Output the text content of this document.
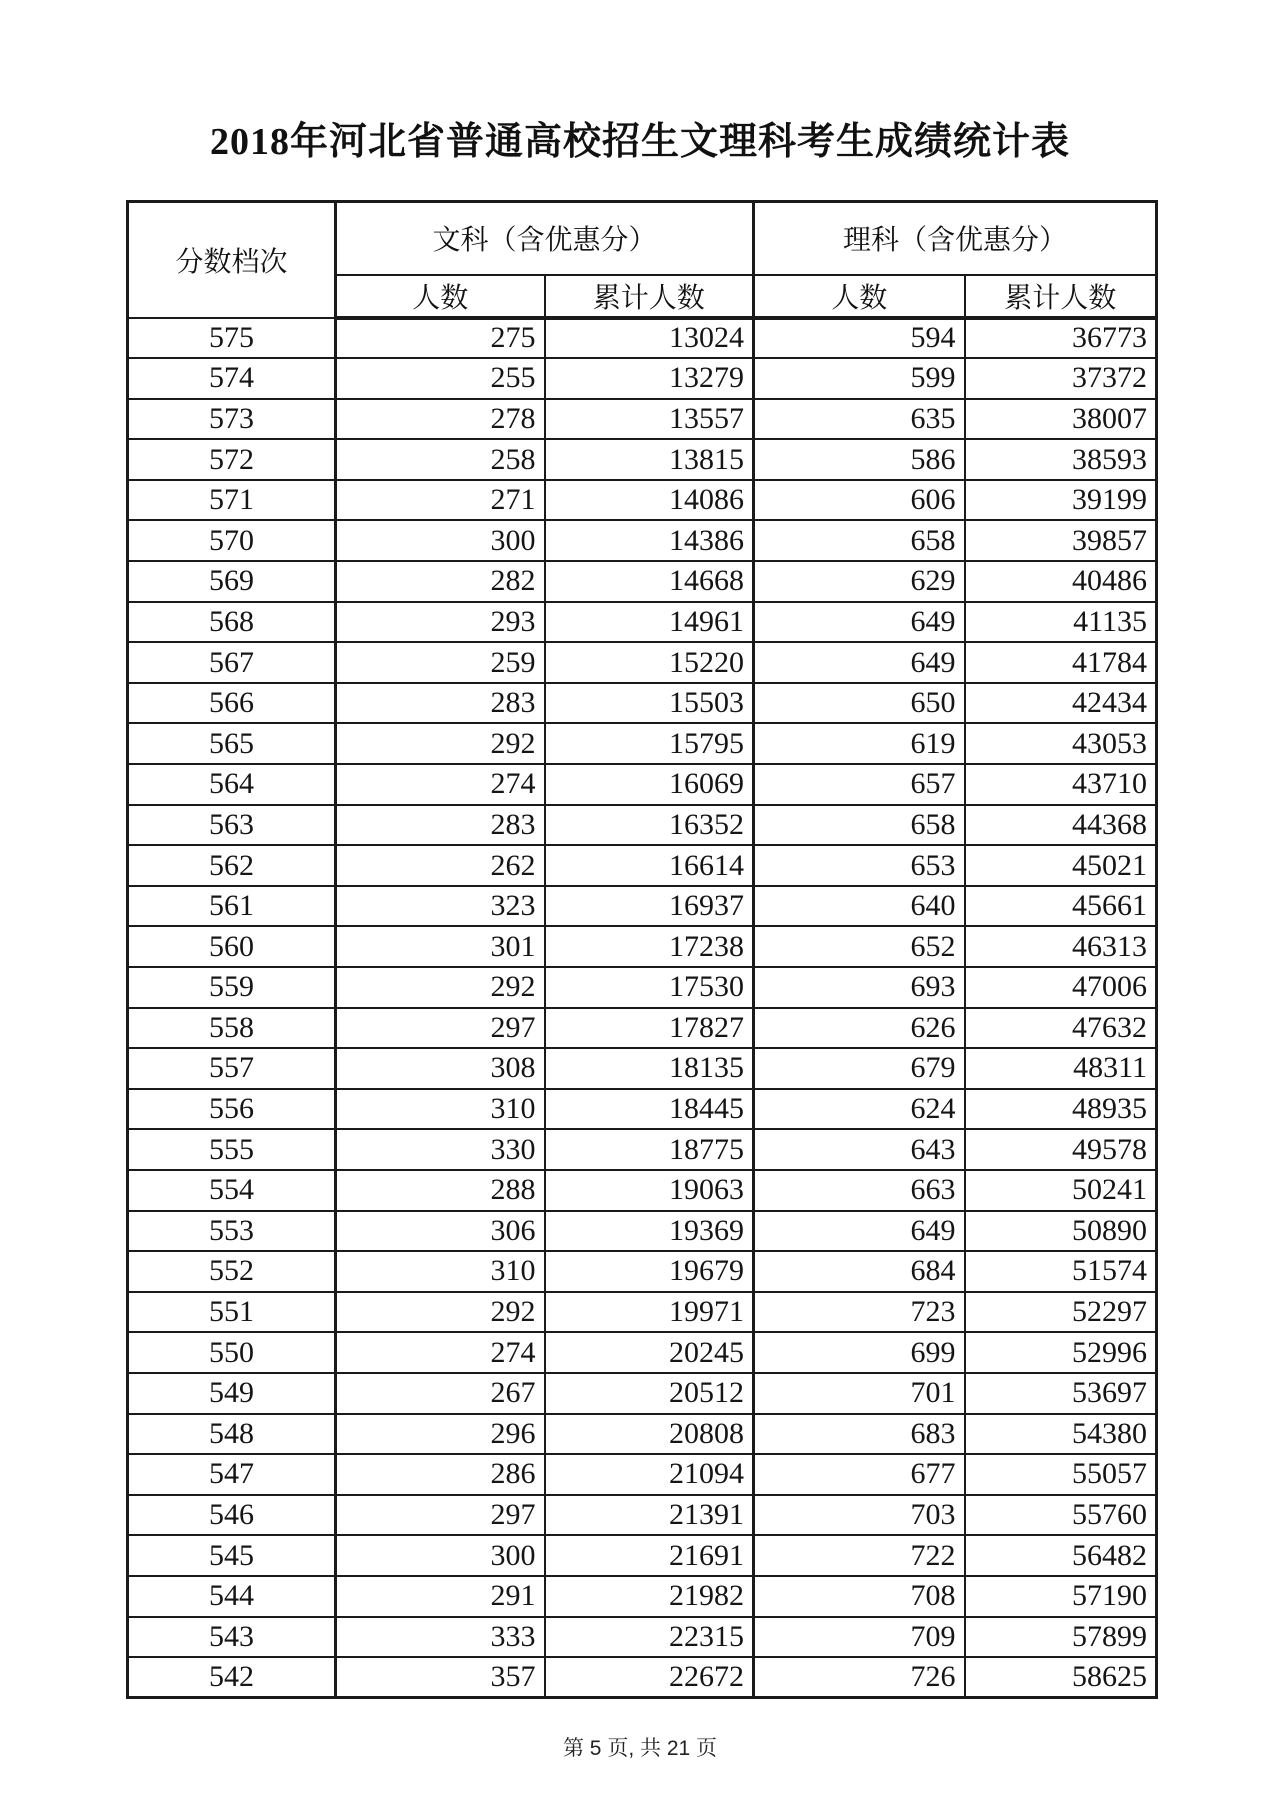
2018年河北省普通高校招生文理科考生成绩统计表
分数档次	文科（含优惠分）		理科（含优惠分）	
	人数	累计人数	人数	累计人数
575	275	13024	594	36773
574	255	13279	599	37372
573	278	13557	635	38007
572	258	13815	586	38593
571	271	14086	606	39199
570	300	14386	658	39857
569	282	14668	629	40486
568	293	14961	649	41135
567	259	15220	649	41784
566	283	15503	650	42434
565	292	15795	619	43053
564	274	16069	657	43710
563	283	16352	658	44368
562	262	16614	653	45021
561	323	16937	640	45661
560	301	17238	652	46313
559	292	17530	693	47006
558	297	17827	626	47632
557	308	18135	679	48311
556	310	18445	624	48935
555	330	18775	643	49578
554	288	19063	663	50241
553	306	19369	649	50890
552	310	19679	684	51574
551	292	19971	723	52297
550	274	20245	699	52996
549	267	20512	701	53697
548	296	20808	683	54380
547	286	21094	677	55057
546	297	21391	703	55760
545	300	21691	722	56482
544	291	21982	708	57190
543	333	22315	709	57899
542	357	22672	726	58625
第 5 页, 共 21 页
